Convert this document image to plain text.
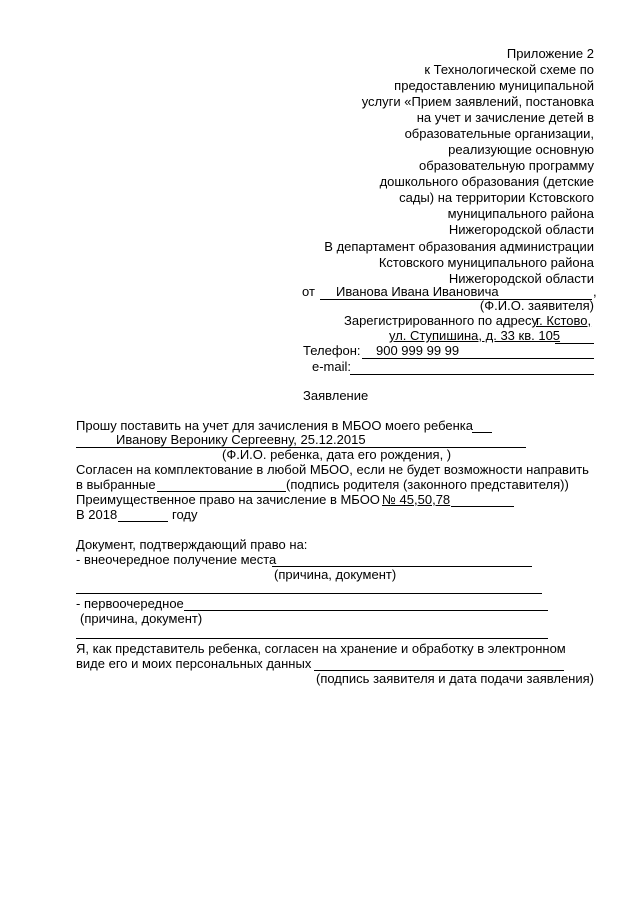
Приложение 2
к Технологической схеме по
предоставлению муниципальной
услуги «Прием заявлений, постановка
на учет и зачисление детей в
образовательные организации,
реализующие основную
образовательную программу
дошкольного образования (детские
сады) на территории Кстовского
муниципального района
Нижегородской области
В департамент образования администрации
Кстовского муниципального района
Нижегородской области
от Иванова Ивана Ивановича	,
(Ф.И.О. заявителя)
Зарегистрированного по адресу
г. Кстово,
ул. Ступишина, д. 33 кв. 105
Телефон: 900 999 99 99
e-mail:
Заявление
Прошу поставить на учет для зачисления в МБОО моего ребенка
Иванову Веронику Сергеевну, 25.12.2015
(Ф.И.О. ребенка, дата его рождения, )
Согласен на комплектование в любой МБОО, если не будет возможности направить
в выбранные	(подпись родителя (законного представителя))
Преимущественное право на зачисление в МБОО № 45,50,78
В 2018	году
Документ, подтверждающий право на:
- внеочередное получение места
(причина, документ)
- первоочередное
(причина, документ)
Я, как представитель ребенка, согласен на хранение и обработку в электронном
виде его и моих персональных данных
(подпись заявителя и дата подачи заявления)
